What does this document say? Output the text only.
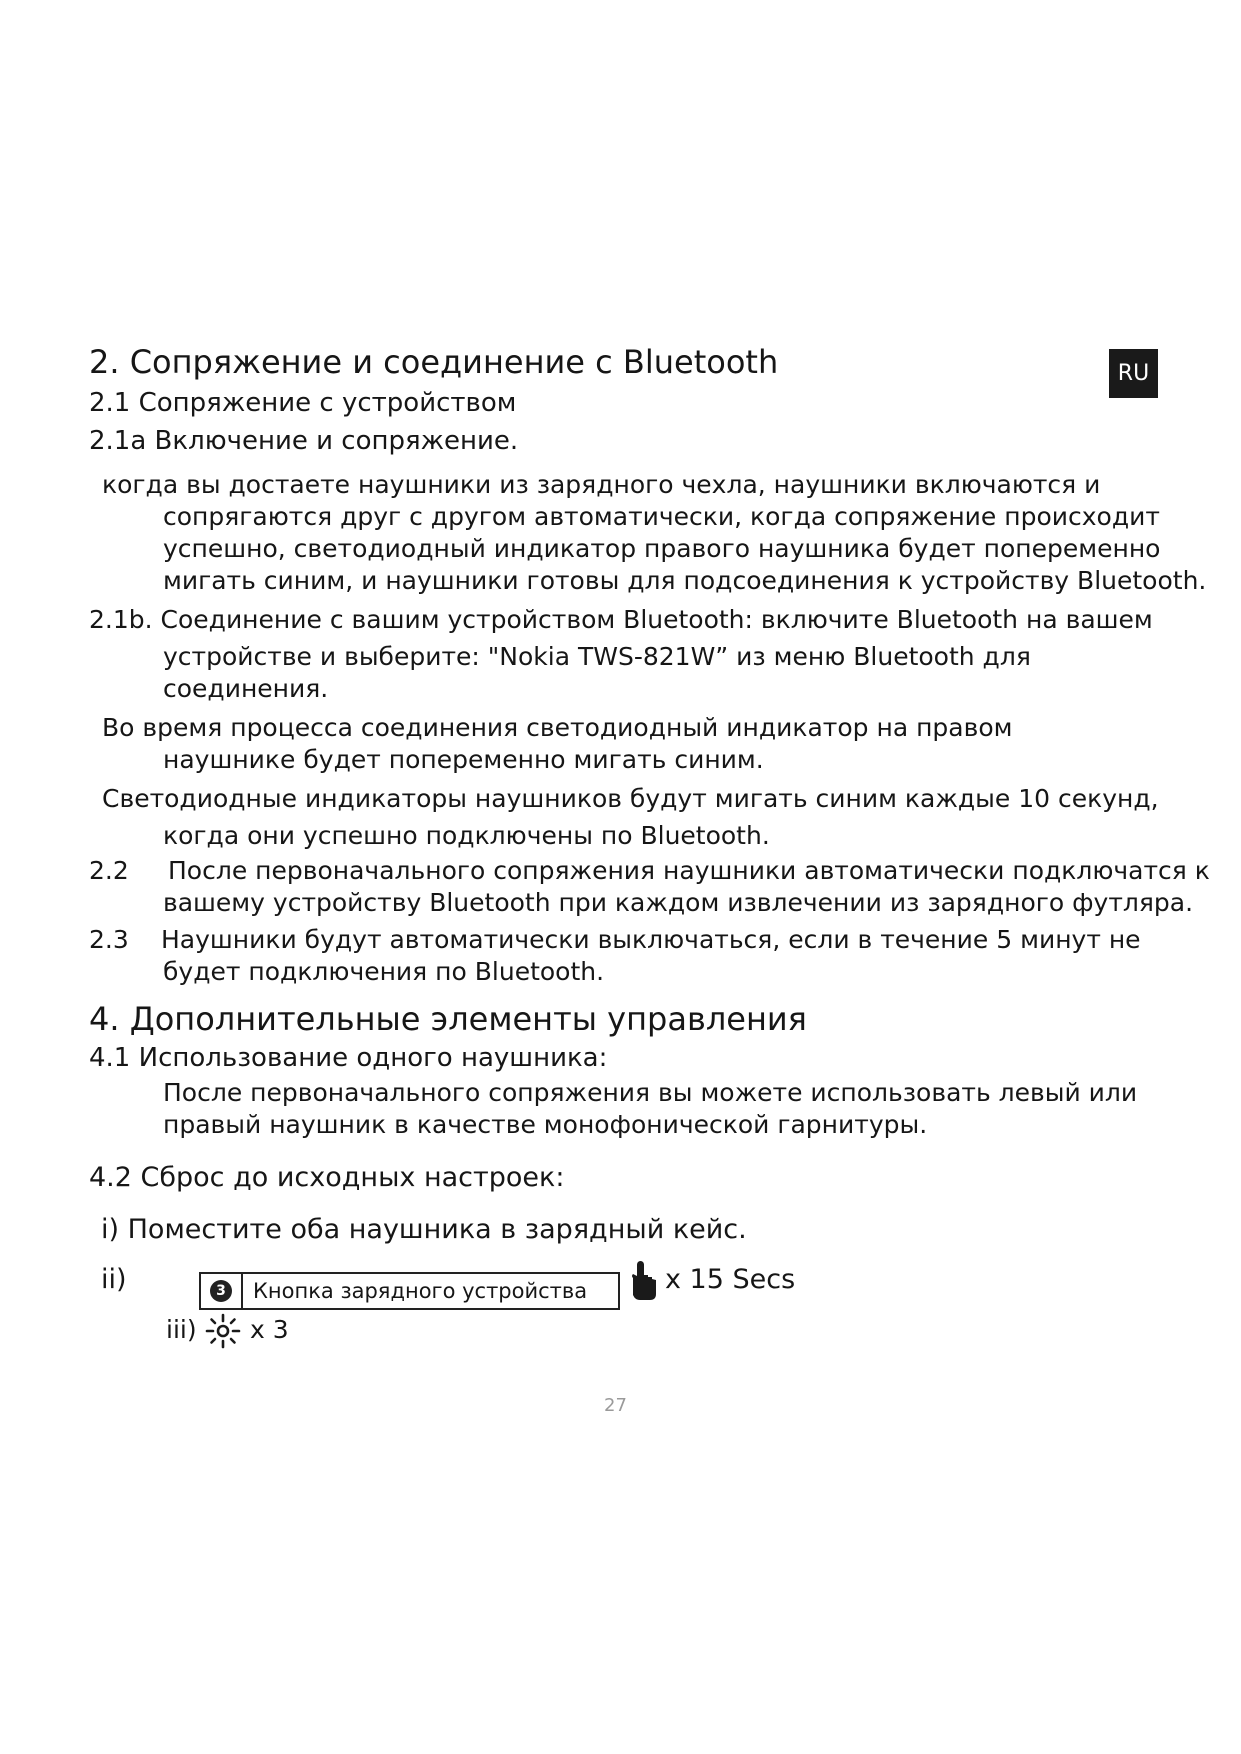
RU
2. Сопряжение и соединение с Bluetooth
2.1 Сопряжение с устройством
2.1a Включение и сопряжение.
когда вы достаете наушники из зарядного чехла, наушники включаются и
сопрягаются друг с другом автоматически, когда сопряжение происходит
успешно, светодиодный индикатор правого наушника будет попеременно
мигать синим, и наушники готовы для подсоединения к устройству Bluetooth.
2.1b. Соединение с вашим устройством Bluetooth: включите Bluetooth на вашем
устройстве и выберите: "Nokia TWS-821W” из меню Bluetooth для
соединения.
Во время процесса соединения светодиодный индикатор на правом
наушнике будет попеременно мигать синим.
Светодиодные индикаторы наушников будут мигать синим каждые 10 секунд,
когда они успешно подключены по Bluetooth.
2.2 После первоначального сопряжения наушники автоматически подключатся к
вашему устройству Bluetooth при каждом извлечении из зарядного футляра.
2.3 Наушники будут автоматически выключаться, если в течение 5 минут не
будет подключения по Bluetooth.
4. Дополнительные элементы управления
4.1 Использование одного наушника:
После первоначального сопряжения вы можете использовать левый или
правый наушник в качестве монофонической гарнитуры.
4.2 Сброс до исходных настроек:
i) Поместите оба наушника в зарядный кейс.
ii)	3	Кнопка зарядного устройства	x 15 Secs
iii) x 3
27
